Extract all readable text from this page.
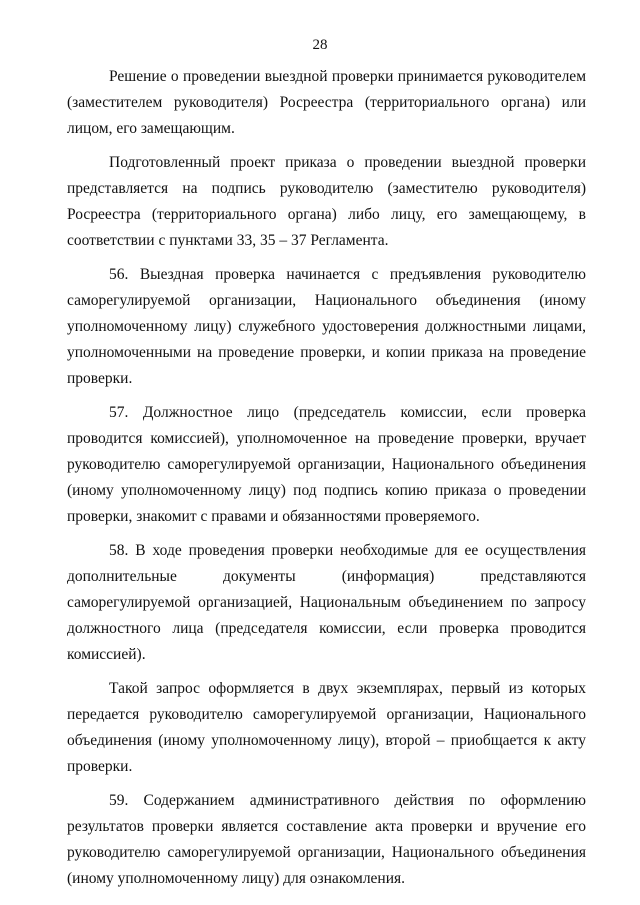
28

Решение о проведении выездной проверки принимается руководителем (заместителем руководителя) Росреестра (территориального органа) или лицом, его замещающим.

Подготовленный проект приказа о проведении выездной проверки представляется на подпись руководителю (заместителю руководителя) Росреестра (территориального органа) либо лицу, его замещающему, в соответствии с пунктами 33, 35 – 37 Регламента.

56. Выездная проверка начинается с предъявления руководителю саморегулируемой организации, Национального объединения (иному уполномоченному лицу) служебного удостоверения должностными лицами, уполномоченными на проведение проверки, и копии приказа на проведение проверки.

57. Должностное лицо (председатель комиссии, если проверка проводится комиссией), уполномоченное на проведение проверки, вручает руководителю саморегулируемой организации, Национального объединения (иному уполномоченному лицу) под подпись копию приказа о проведении проверки, знакомит с правами и обязанностями проверяемого.

58. В ходе проведения проверки необходимые для ее осуществления дополнительные документы (информация) представляются саморегулируемой организацией, Национальным объединением по запросу должностного лица (председателя комиссии, если проверка проводится комиссией).

Такой запрос оформляется в двух экземплярах, первый из которых передается руководителю саморегулируемой организации, Национального объединения (иному уполномоченному лицу), второй – приобщается к акту проверки.

59. Содержанием административного действия по оформлению результатов проверки является составление акта проверки и вручение его руководителю саморегулируемой организации, Национального объединения (иному уполномоченному лицу) для ознакомления.
